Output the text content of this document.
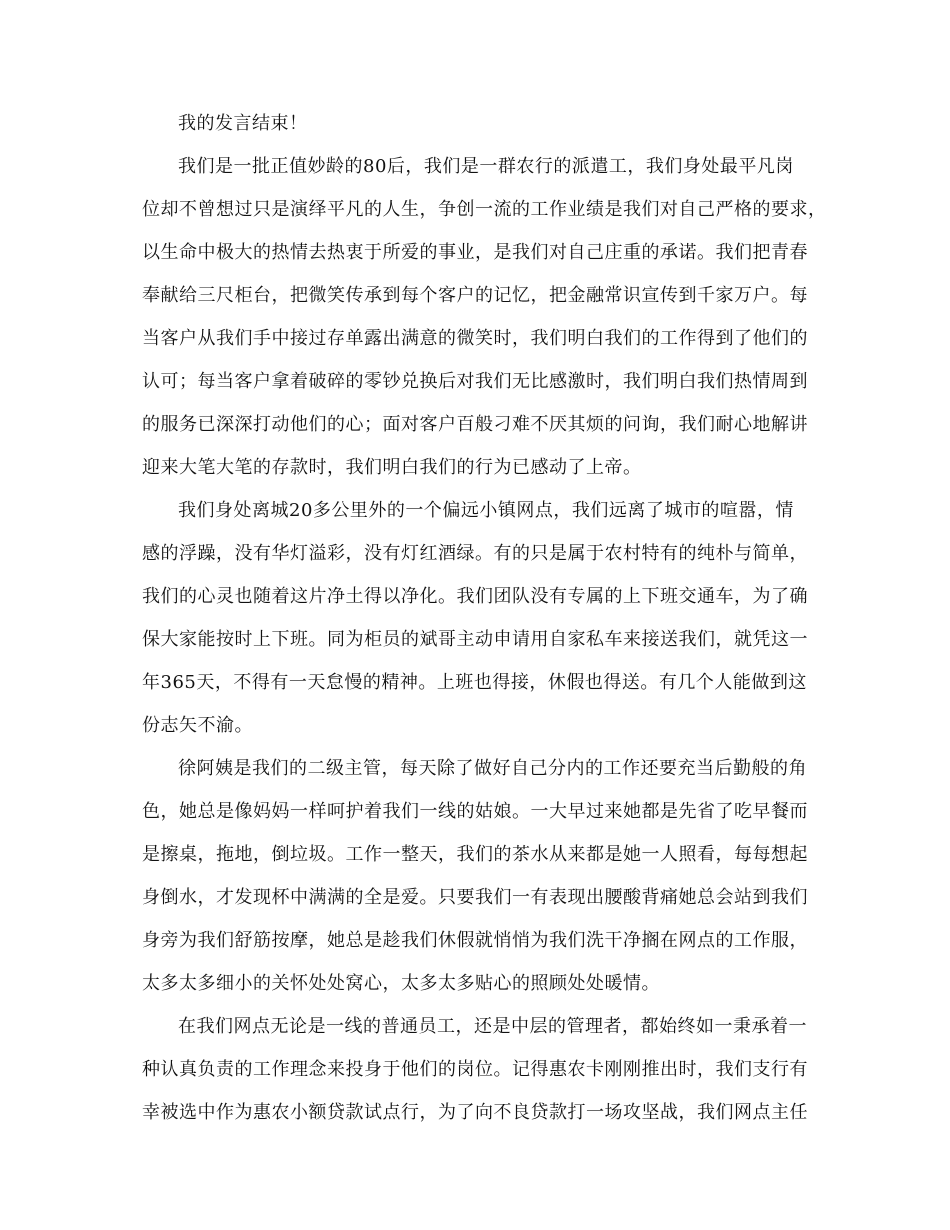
我的发言结束！
我们是一批正值妙龄的80后，我们是一群农行的派遣工，我们身处最平凡岗
位却不曾想过只是演绎平凡的人生，争创一流的工作业绩是我们对自己严格的要求，
以生命中极大的热情去热衷于所爱的事业，是我们对自己庄重的承诺。我们把青春
奉献给三尺柜台，把微笑传承到每个客户的记忆，把金融常识宣传到千家万户。每
当客户从我们手中接过存单露出满意的微笑时，我们明白我们的工作得到了他们的
认可；每当客户拿着破碎的零钞兑换后对我们无比感激时，我们明白我们热情周到
的服务已深深打动他们的心；面对客户百般刁难不厌其烦的问询，我们耐心地解讲
迎来大笔大笔的存款时，我们明白我们的行为已感动了上帝。
我们身处离城20多公里外的一个偏远小镇网点，我们远离了城市的喧嚣，情
感的浮躁，没有华灯溢彩，没有灯红酒绿。有的只是属于农村特有的纯朴与简单，
我们的心灵也随着这片净土得以净化。我们团队没有专属的上下班交通车，为了确
保大家能按时上下班。同为柜员的斌哥主动申请用自家私车来接送我们，就凭这一
年365天，不得有一天怠慢的精神。上班也得接，休假也得送。有几个人能做到这
份志矢不渝。
徐阿姨是我们的二级主管，每天除了做好自己分内的工作还要充当后勤般的角
色，她总是像妈妈一样呵护着我们一线的姑娘。一大早过来她都是先省了吃早餐而
是擦桌，拖地，倒垃圾。工作一整天，我们的茶水从来都是她一人照看，每每想起
身倒水，才发现杯中满满的全是爱。只要我们一有表现出腰酸背痛她总会站到我们
身旁为我们舒筋按摩，她总是趁我们休假就悄悄为我们洗干净搁在网点的工作服，
太多太多细小的关怀处处窝心，太多太多贴心的照顾处处暖情。
在我们网点无论是一线的普通员工，还是中层的管理者，都始终如一秉承着一
种认真负责的工作理念来投身于他们的岗位。记得惠农卡刚刚推出时，我们支行有
幸被选中作为惠农小额贷款试点行，为了向不良贷款打一场攻坚战，我们网点主任
